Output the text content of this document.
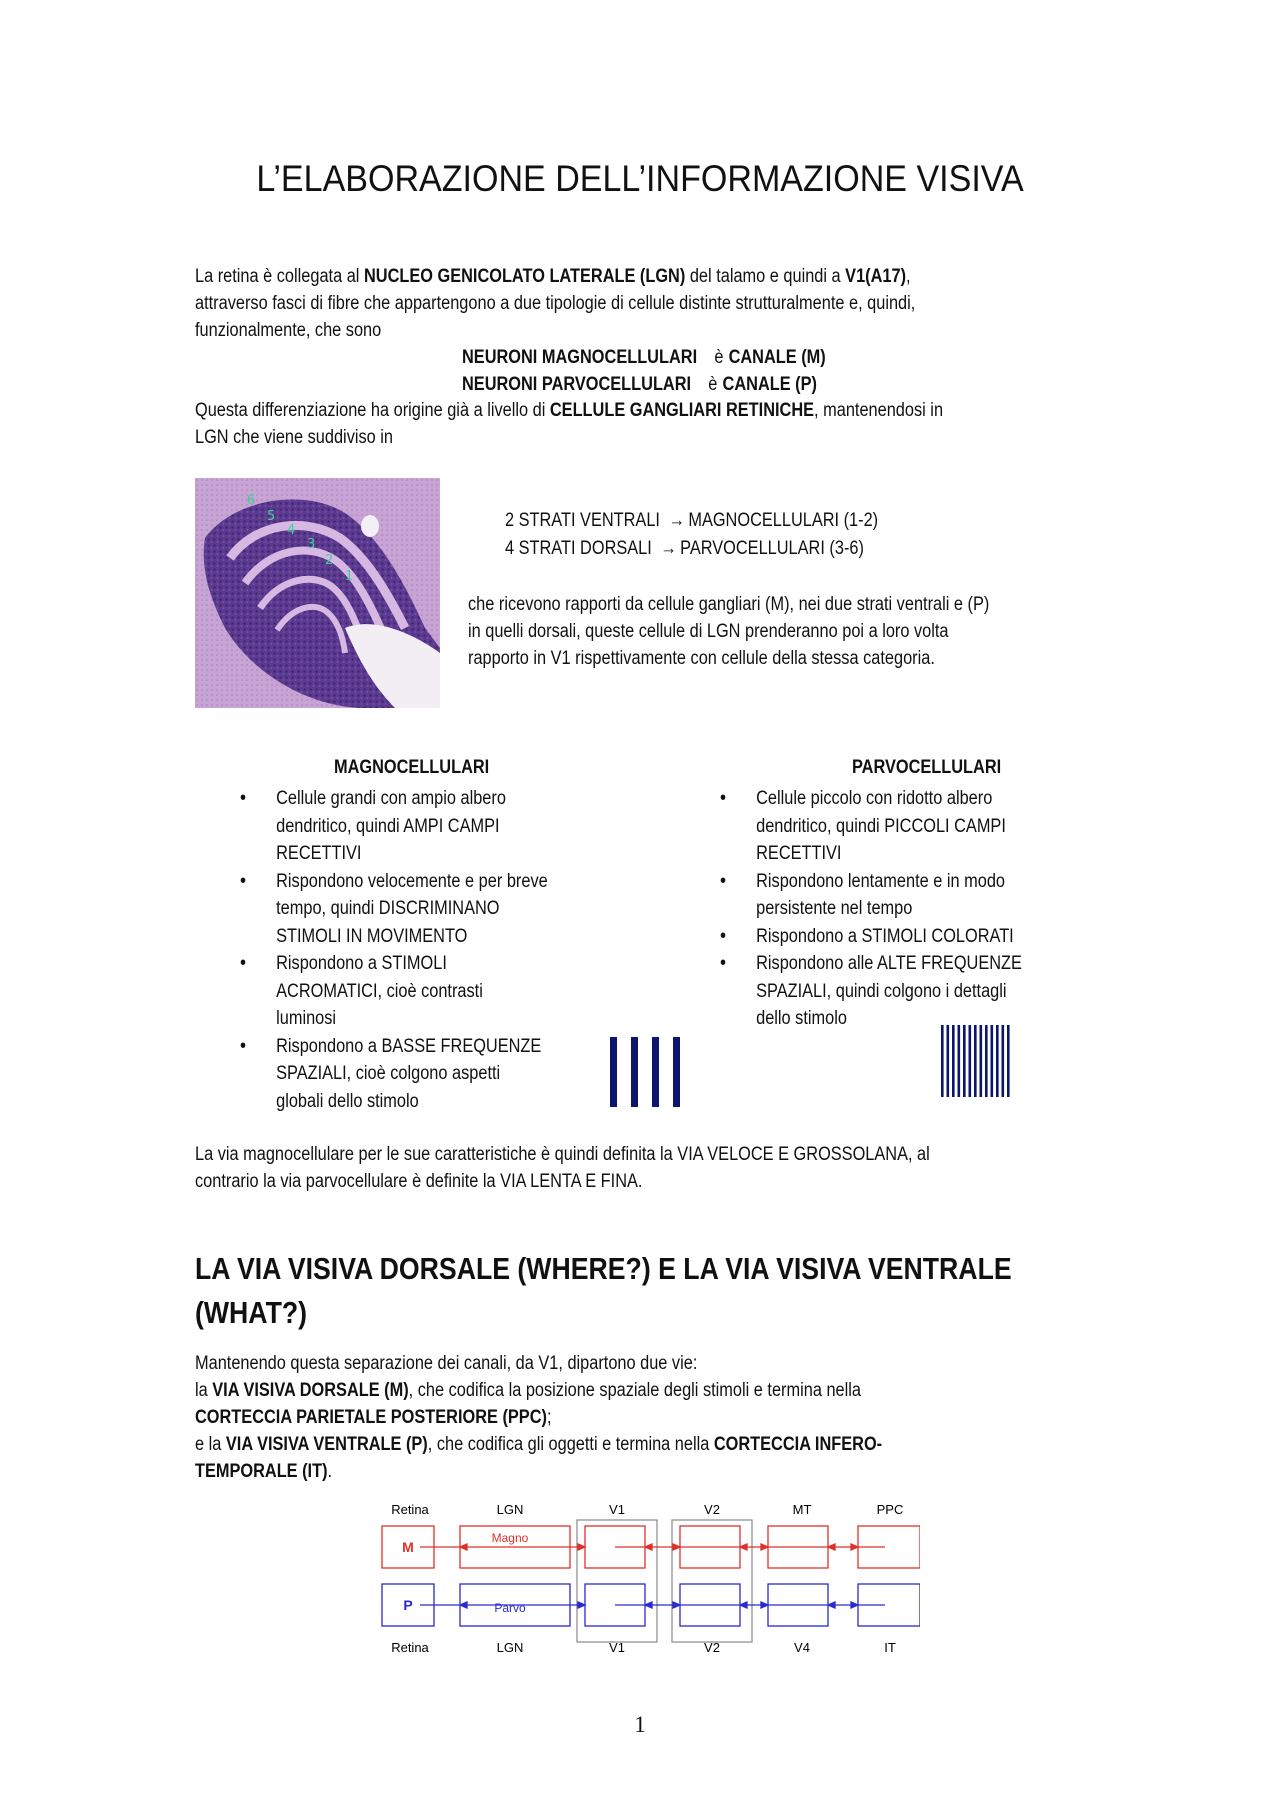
L’ELABORAZIONE DELL’INFORMAZIONE VISIVA
La retina è collegata al NUCLEO GENICOLATO LATERALE (LGN) del talamo e quindi a V1(A17),
attraverso fasci di fibre che appartengono a due tipologie di cellule distinte strutturalmente e, quindi,
funzionalmente, che sono
NEURONI MAGNOCELLULARI è CANALE (M)
NEURONI PARVOCELLULARI è CANALE (P)
Questa differenziazione ha origine già a livello di CELLULE GANGLIARI RETINICHE, mantenendosi in
LGN che viene suddiviso in
6
5
4
3
2
1
2 STRATI VENTRALI → MAGNOCELLULARI (1-2)
4 STRATI DORSALI → PARVOCELLULARI (3-6)
che ricevono rapporti da cellule gangliari (M), nei due strati ventrali e (P)
in quelli dorsali, queste cellule di LGN prenderanno poi a loro volta
rapporto in V1 rispettivamente con cellule della stessa categoria.
MAGNOCELLULARI
• Cellule grandi con ampio albero
dendritico, quindi AMPI CAMPI
RECETTIVI
• Rispondono velocemente e per breve
tempo, quindi DISCRIMINANO
STIMOLI IN MOVIMENTO
• Rispondono a STIMOLI
ACROMATICI, cioè contrasti
luminosi
• Rispondono a BASSE FREQUENZE
SPAZIALI, cioè colgono aspetti
globali dello stimolo
PARVOCELLULARI
• Cellule piccolo con ridotto albero
dendritico, quindi PICCOLI CAMPI
RECETTIVI
• Rispondono lentamente e in modo
persistente nel tempo
• Rispondono a STIMOLI COLORATI
• Rispondono alle ALTE FREQUENZE
SPAZIALI, quindi colgono i dettagli
dello stimolo
La via magnocellulare per le sue caratteristiche è quindi definita la VIA VELOCE E GROSSOLANA, al
contrario la via parvocellulare è definite la VIA LENTA E FINA.
LA VIA VISIVA DORSALE (WHERE?) E LA VIA VISIVA VENTRALE
(WHAT?)
Mantenendo questa separazione dei canali, da V1, dipartono due vie:
la VIA VISIVA DORSALE (M), che codifica la posizione spaziale degli stimoli e termina nella
CORTECCIA PARIETALE POSTERIORE (PPC);
e la VIA VISIVA VENTRALE (P), che codifica gli oggetti e termina nella CORTECCIA INFERO-
TEMPORALE (IT).
Retina	LGN	V1	V2	MT	PPC
M
Magno
P	Parvo
Retina	LGN	V1	V2	V4	IT
1
